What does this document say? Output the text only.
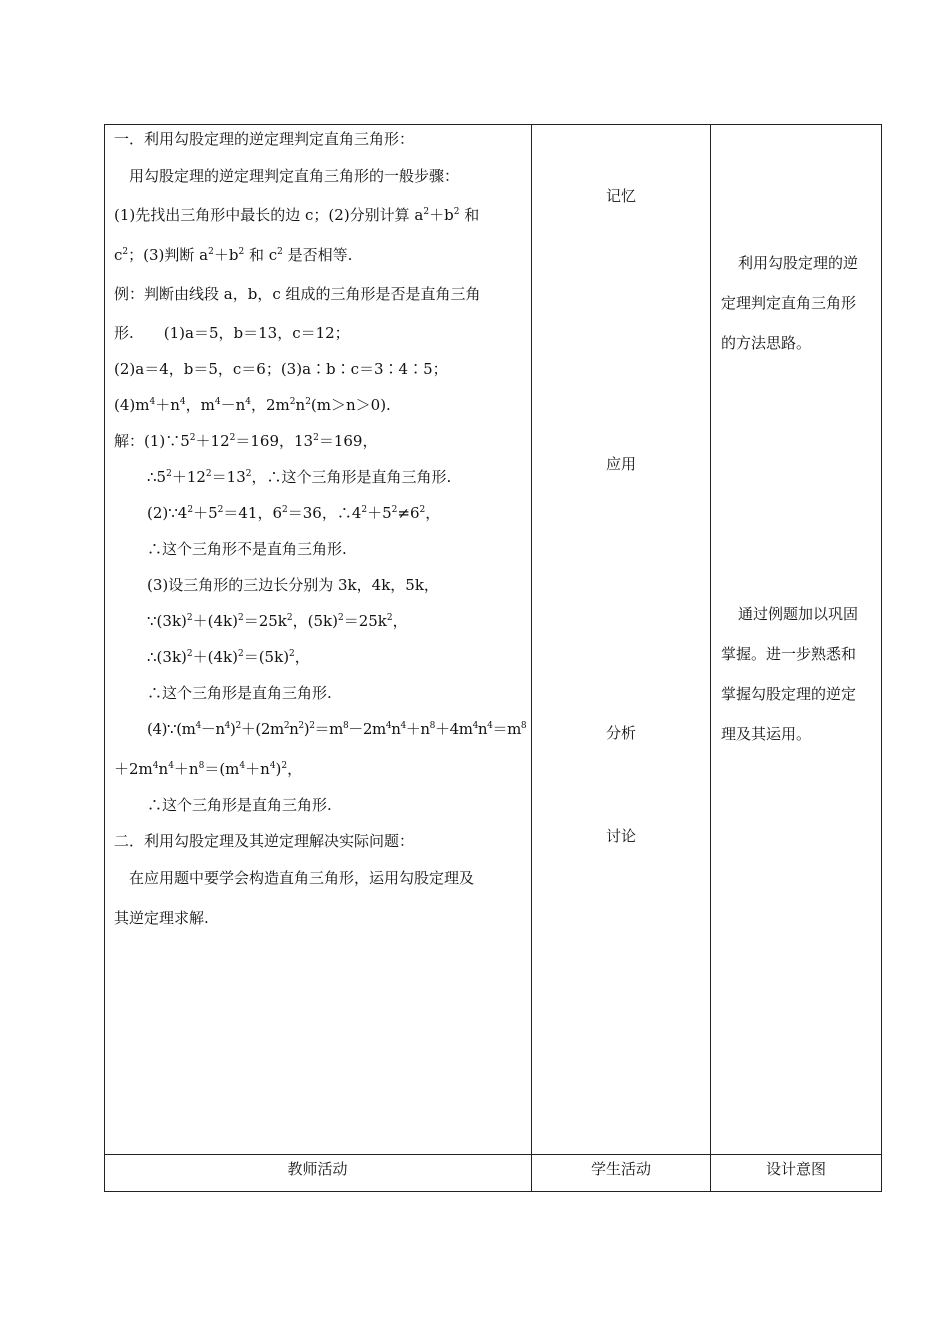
一．利用勾股定理的逆定理判定直角三角形：
用勾股定理的逆定理判定直角三角形的一般步骤：
(1)先找出三角形中最长的边 c；(2)分别计算 $a^2+b^2$ 和
$c^2$；(3)判断 $a^2+b^2$ 和 $c^2$ 是否相等.
例：判断由线段 a，b，c 组成的三角形是否是直角三角
形.　　(1)a＝5，b＝13，c＝12；
(2)a＝4，b＝5，c＝6；(3)a∶b∶c＝3∶4∶5；
$(4)m^4+n^4$，$m^4-n^4$，$2m^2n^2(m>n>0)$.
解：$(1)\because 5^2+12^2=169$，$13^2=169$，
$\therefore 5^2+12^2=13^2$，∴这个三角形是直角三角形.
$(2)\because 4^2+5^2=41$，$6^2=36$，$\therefore 4^2+5^2\ne 6^2$，
∴这个三角形不是直角三角形.
(3)设三角形的三边长分别为 3k，4k，5k，
$\because(3k)^2+(4k)^2=25k^2$，$(5k)^2=25k^2$，
$\therefore(3k)^2+(4k)^2=(5k)^2$，
∴这个三角形是直角三角形.
$(4)\because(m^4-n^4)^2+(2m^2n^2)^2=m^8-2m^4n^4+n^8+4m^4n^4=m^8$
$+2m^4n^4+n^8=(m^4+n^4)^2$，
∴这个三角形是直角三角形.
二．利用勾股定理及其逆定理解决实际问题：
在应用题中要学会构造直角三角形，运用勾股定理及
其逆定理求解.
记忆
应用
分析
讨论

利用勾股定理的逆

定理判定直角三角形

的方法思路。

通过例题加以巩固

掌握。进一步熟悉和

掌握勾股定理的逆定

理及其运用。

教师活动	学生活动	设计意图
